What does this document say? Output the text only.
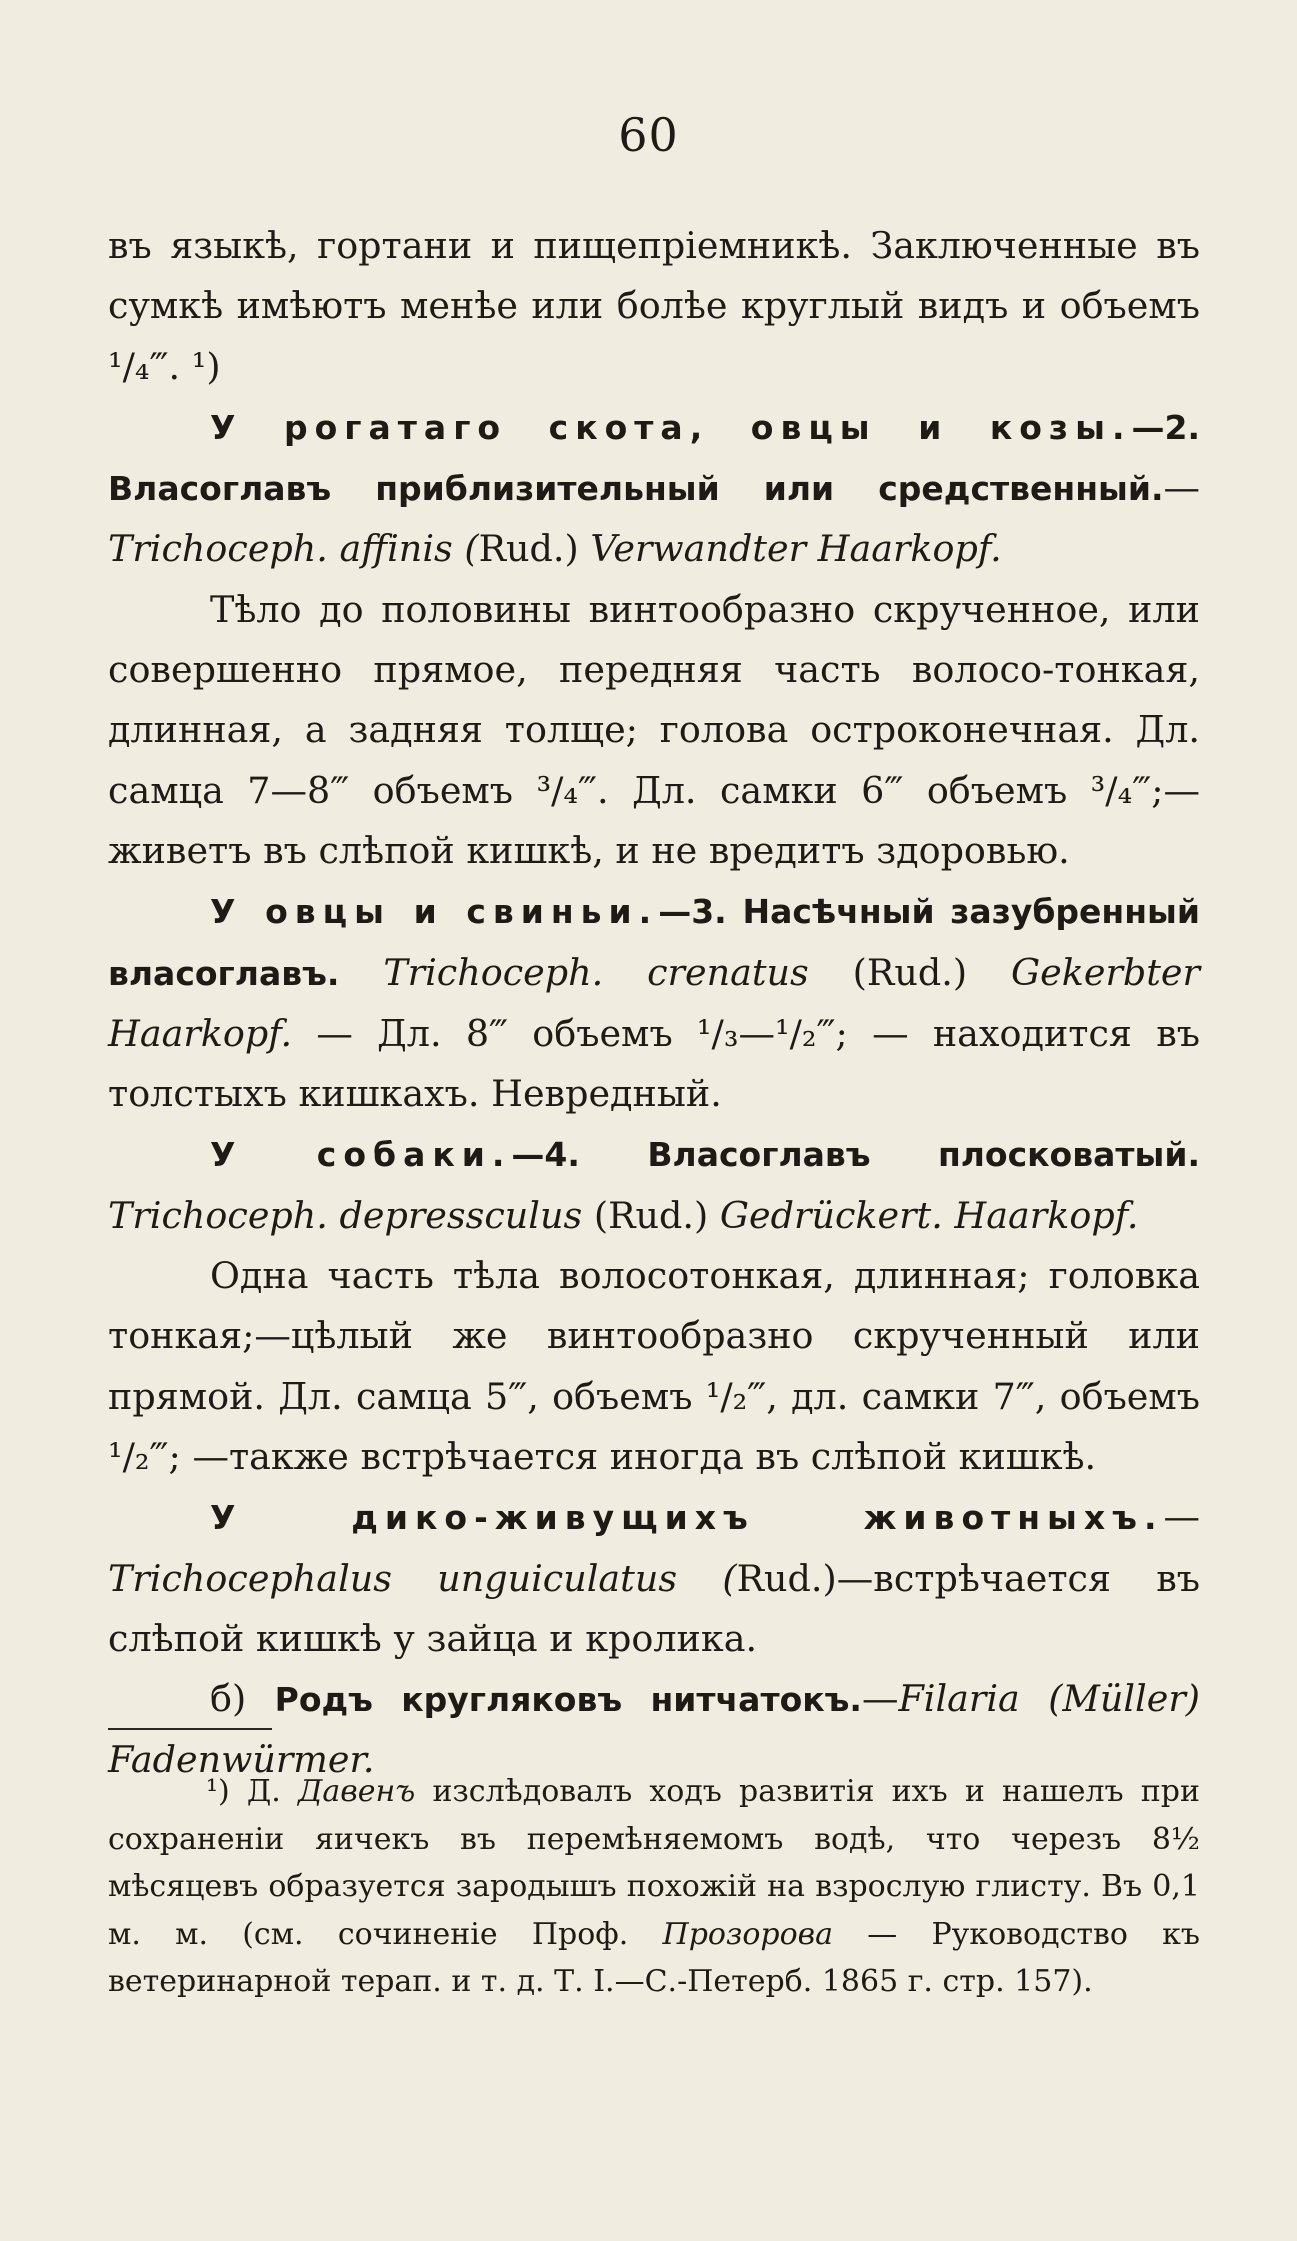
60

въ языкѣ, гортани и пищепріемникѣ. Заключенные въ сумкѣ имѣютъ менѣе или болѣе круглый видъ и объемъ ¹/₄‴. ¹)

У рогатаго скота, овцы и козы.—2. Власоглавъ приблизительный или средственный.—Trichoceph. affinis (Rud.) Verwandter Haarkopf.

Тѣло до половины винтообразно скрученное, или совершенно прямое, передняя часть волосо-тонкая, длинная, а задняя толще; голова остроконечная. Дл. самца 7—8‴ объемъ ³/₄‴. Дл. самки 6‴ объемъ ³/₄‴;—живетъ въ слѣпой кишкѣ, и не вредитъ здоровью.

У овцы и свиньи.—3. Насѣчный зазубренный власоглавъ. Trichoceph. crenatus (Rud.) Gekerbter Haarkopf. — Дл. 8‴ объемъ ¹/₃—¹/₂‴; — находится въ толстыхъ кишкахъ. Невредный.

У собаки.—4. Власоглавъ плосковатый. Trichoceph. depressculus (Rud.) Gedrückert. Haarkopf.

Одна часть тѣла волосотонкая, длинная; головка тонкая;—цѣлый же винтообразно скрученный или прямой. Дл. самца 5‴, объемъ ¹/₂‴, дл. самки 7‴, объемъ ¹/₂‴; —также встрѣчается иногда въ слѣпой кишкѣ.

У дико-живущихъ животныхъ.— Trichocephalus unguiculatus (Rud.)—встрѣчается въ слѣпой кишкѣ у зайца и кролика.

б) Родъ кругляковъ нитчатокъ.—Filaria (Müller) Fadenwürmer.

¹) Д. Давенъ изслѣдовалъ ходъ развитія ихъ и нашелъ при сохраненіи яичекъ въ перемѣняемомъ водѣ, что черезъ 8½ мѣсяцевъ образуется зародышъ похожій на взрослую глисту. Въ 0,1 м. м. (см. сочиненіе Проф. Прозорова — Руководство къ ветеринарной терап. и т. д. Т. I.—С.-Петерб. 1865 г. стр. 157).
